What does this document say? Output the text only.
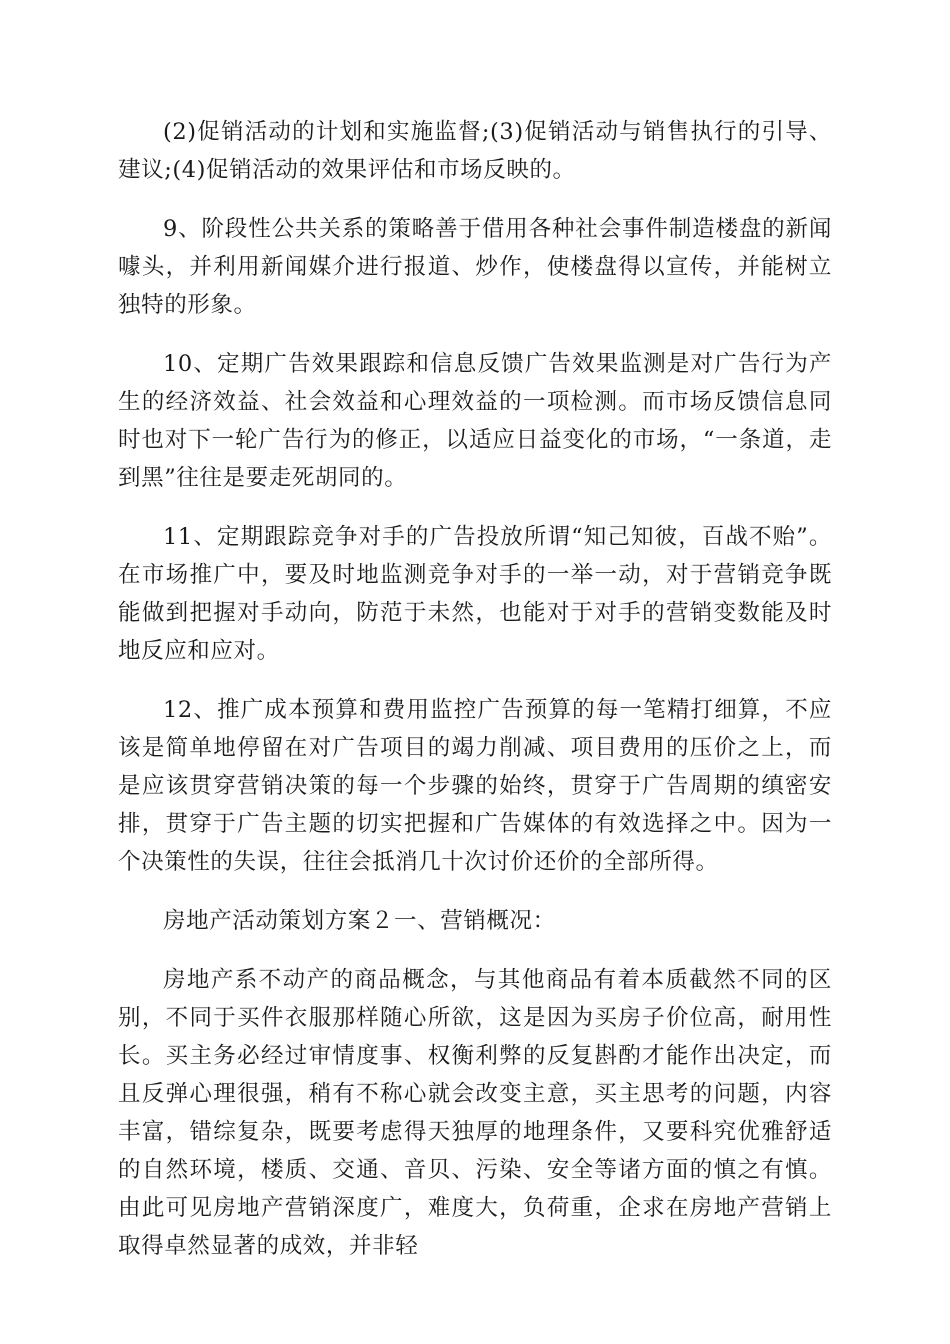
(2)促销活动的计划和实施监督;(3)促销活动与销售执行的引导、建议;(4)促销活动的效果评估和市场反映的。

9、阶段性公共关系的策略善于借用各种社会事件制造楼盘的新闻噱头，并利用新闻媒介进行报道、炒作，使楼盘得以宣传，并能树立独特的形象。

10、定期广告效果跟踪和信息反馈广告效果监测是对广告行为产生的经济效益、社会效益和心理效益的一项检测。而市场反馈信息同时也对下一轮广告行为的修正，以适应日益变化的市场，“一条道，走到黑”往往是要走死胡同的。

11、定期跟踪竞争对手的广告投放所谓“知己知彼，百战不贻”。在市场推广中，要及时地监测竞争对手的一举一动，对于营销竞争既能做到把握对手动向，防范于未然，也能对于对手的营销变数能及时地反应和应对。

12、推广成本预算和费用监控广告预算的每一笔精打细算，不应该是简单地停留在对广告项目的竭力削减、项目费用的压价之上，而是应该贯穿营销决策的每一个步骤的始终，贯穿于广告周期的缜密安排，贯穿于广告主题的切实把握和广告媒体的有效选择之中。因为一个决策性的失误，往往会抵消几十次讨价还价的全部所得。

房地产活动策划方案２一、营销概况：

房地产系不动产的商品概念，与其他商品有着本质截然不同的区别，不同于买件衣服那样随心所欲，这是因为买房子价位高，耐用性长。买主务必经过审情度事、权衡利弊的反复斟酌才能作出决定，而且反弹心理很强，稍有不称心就会改变主意，买主思考的问题，内容丰富，错综复杂，既要考虑得天独厚的地理条件，又要科究优雅舒适的自然环境，楼质、交通、音贝、污染、安全等诸方面的慎之有慎。由此可见房地产营销深度广，难度大，负荷重，企求在房地产营销上取得卓然显著的成效，并非轻
